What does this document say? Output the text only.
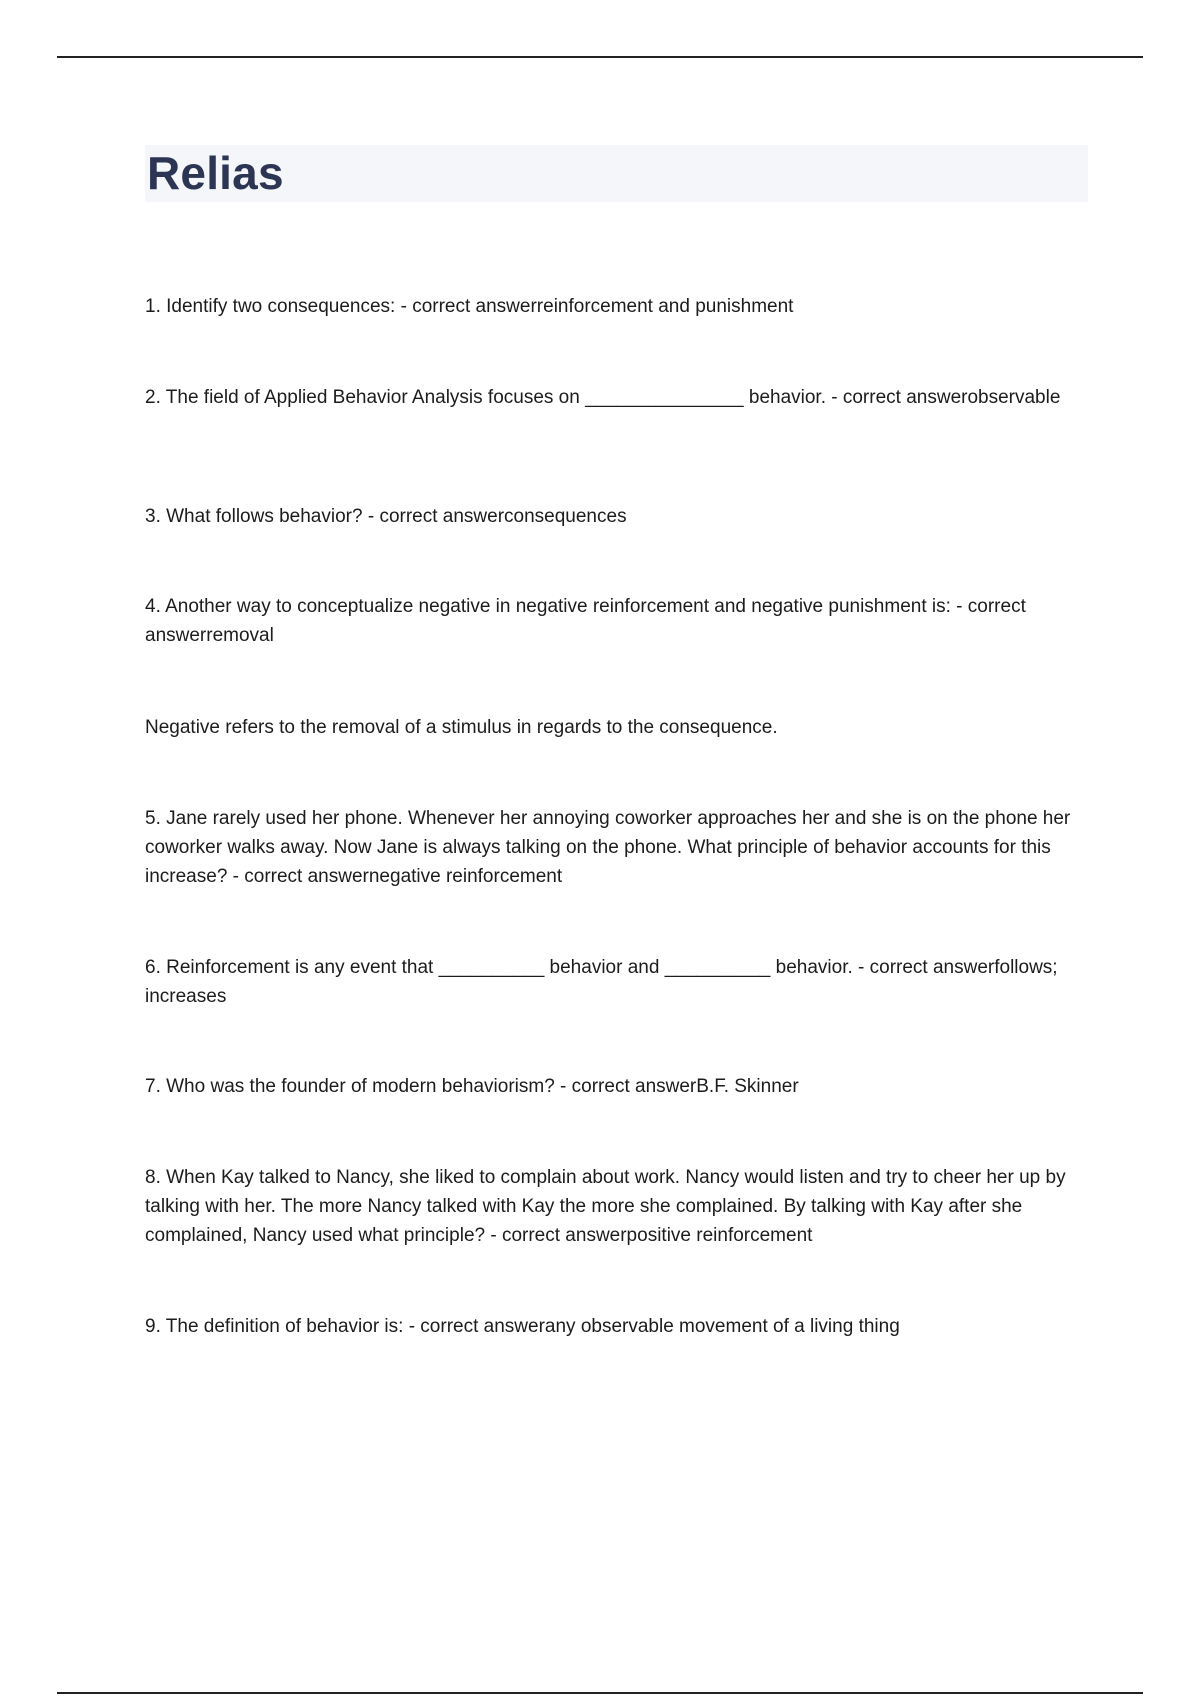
Relias

1. Identify two consequences: - correct answerreinforcement and punishment

2. The field of Applied Behavior Analysis focuses on _______________ behavior. - correct answerobservable

3. What follows behavior? - correct answerconsequences

4. Another way to conceptualize negative in negative reinforcement and negative punishment is: - correct answerremoval

Negative refers to the removal of a stimulus in regards to the consequence.

5. Jane rarely used her phone. Whenever her annoying coworker approaches her and she is on the phone her coworker walks away. Now Jane is always talking on the phone. What principle of behavior accounts for this increase? - correct answernegative reinforcement

6. Reinforcement is any event that __________ behavior and __________ behavior. - correct answerfollows; increases

7. Who was the founder of modern behaviorism? - correct answerB.F. Skinner

8. When Kay talked to Nancy, she liked to complain about work. Nancy would listen and try to cheer her up by talking with her. The more Nancy talked with Kay the more she complained. By talking with Kay after she complained, Nancy used what principle? - correct answerpositive reinforcement

9. The definition of behavior is: - correct answerany observable movement of a living thing
